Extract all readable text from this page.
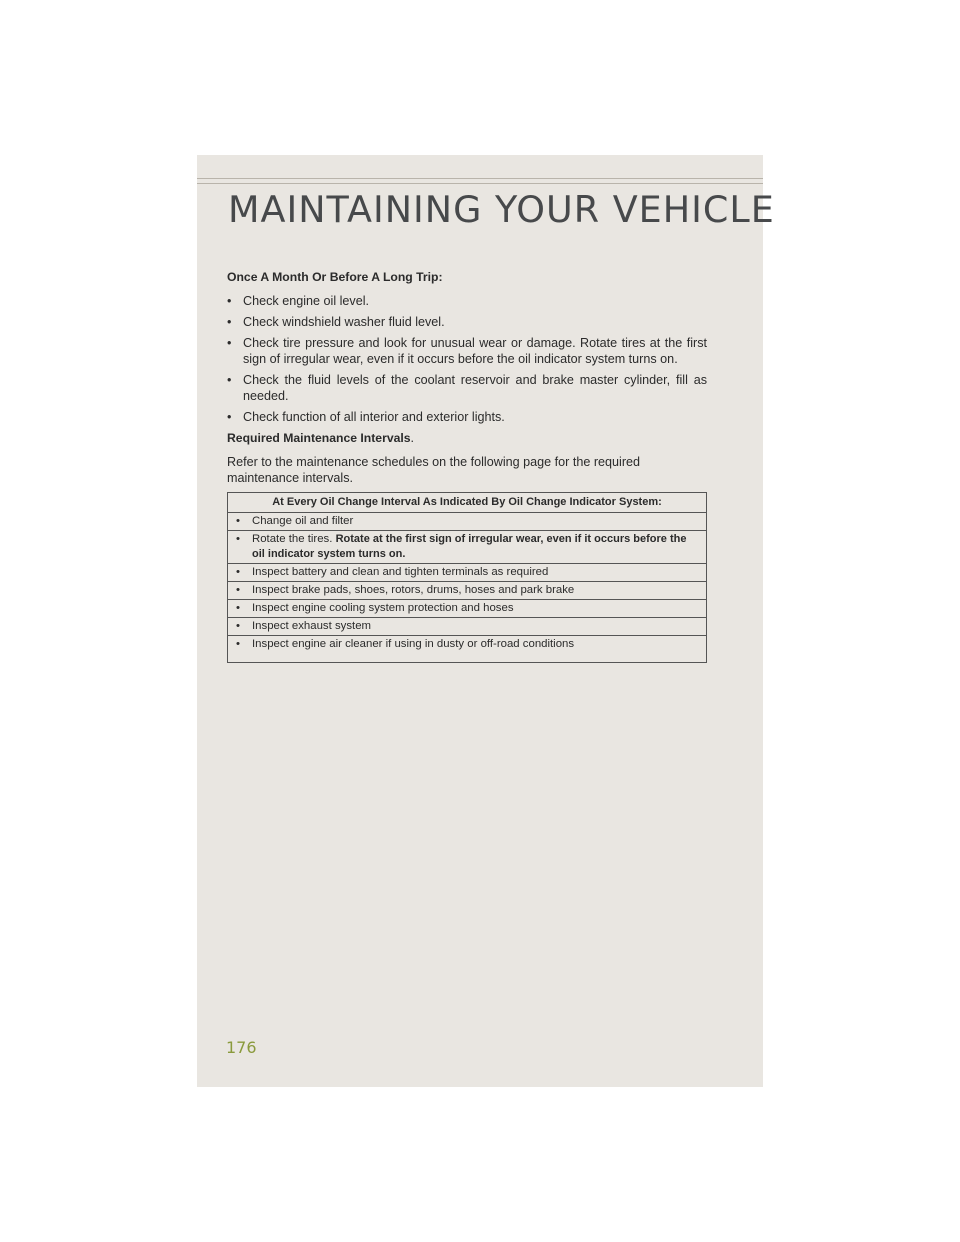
MAINTAINING YOUR VEHICLE

Once A Month Or Before A Long Trip:

• Check engine oil level.
• Check windshield washer fluid level.
• Check tire pressure and look for unusual wear or damage. Rotate tires at the first sign of irregular wear, even if it occurs before the oil indicator system turns on.
• Check the fluid levels of the coolant reservoir and brake master cylinder, fill as needed.
• Check function of all interior and exterior lights.

Required Maintenance Intervals.

Refer to the maintenance schedules on the following page for the required maintenance intervals.

At Every Oil Change Interval As Indicated By Oil Change Indicator System:

• Change oil and filter

• Rotate the tires. Rotate at the first sign of irregular wear, even if it occurs before the oil indicator system turns on.

• Inspect battery and clean and tighten terminals as required

• Inspect brake pads, shoes, rotors, drums, hoses and park brake

• Inspect engine cooling system protection and hoses

• Inspect exhaust system

• Inspect engine air cleaner if using in dusty or off-road conditions
176
